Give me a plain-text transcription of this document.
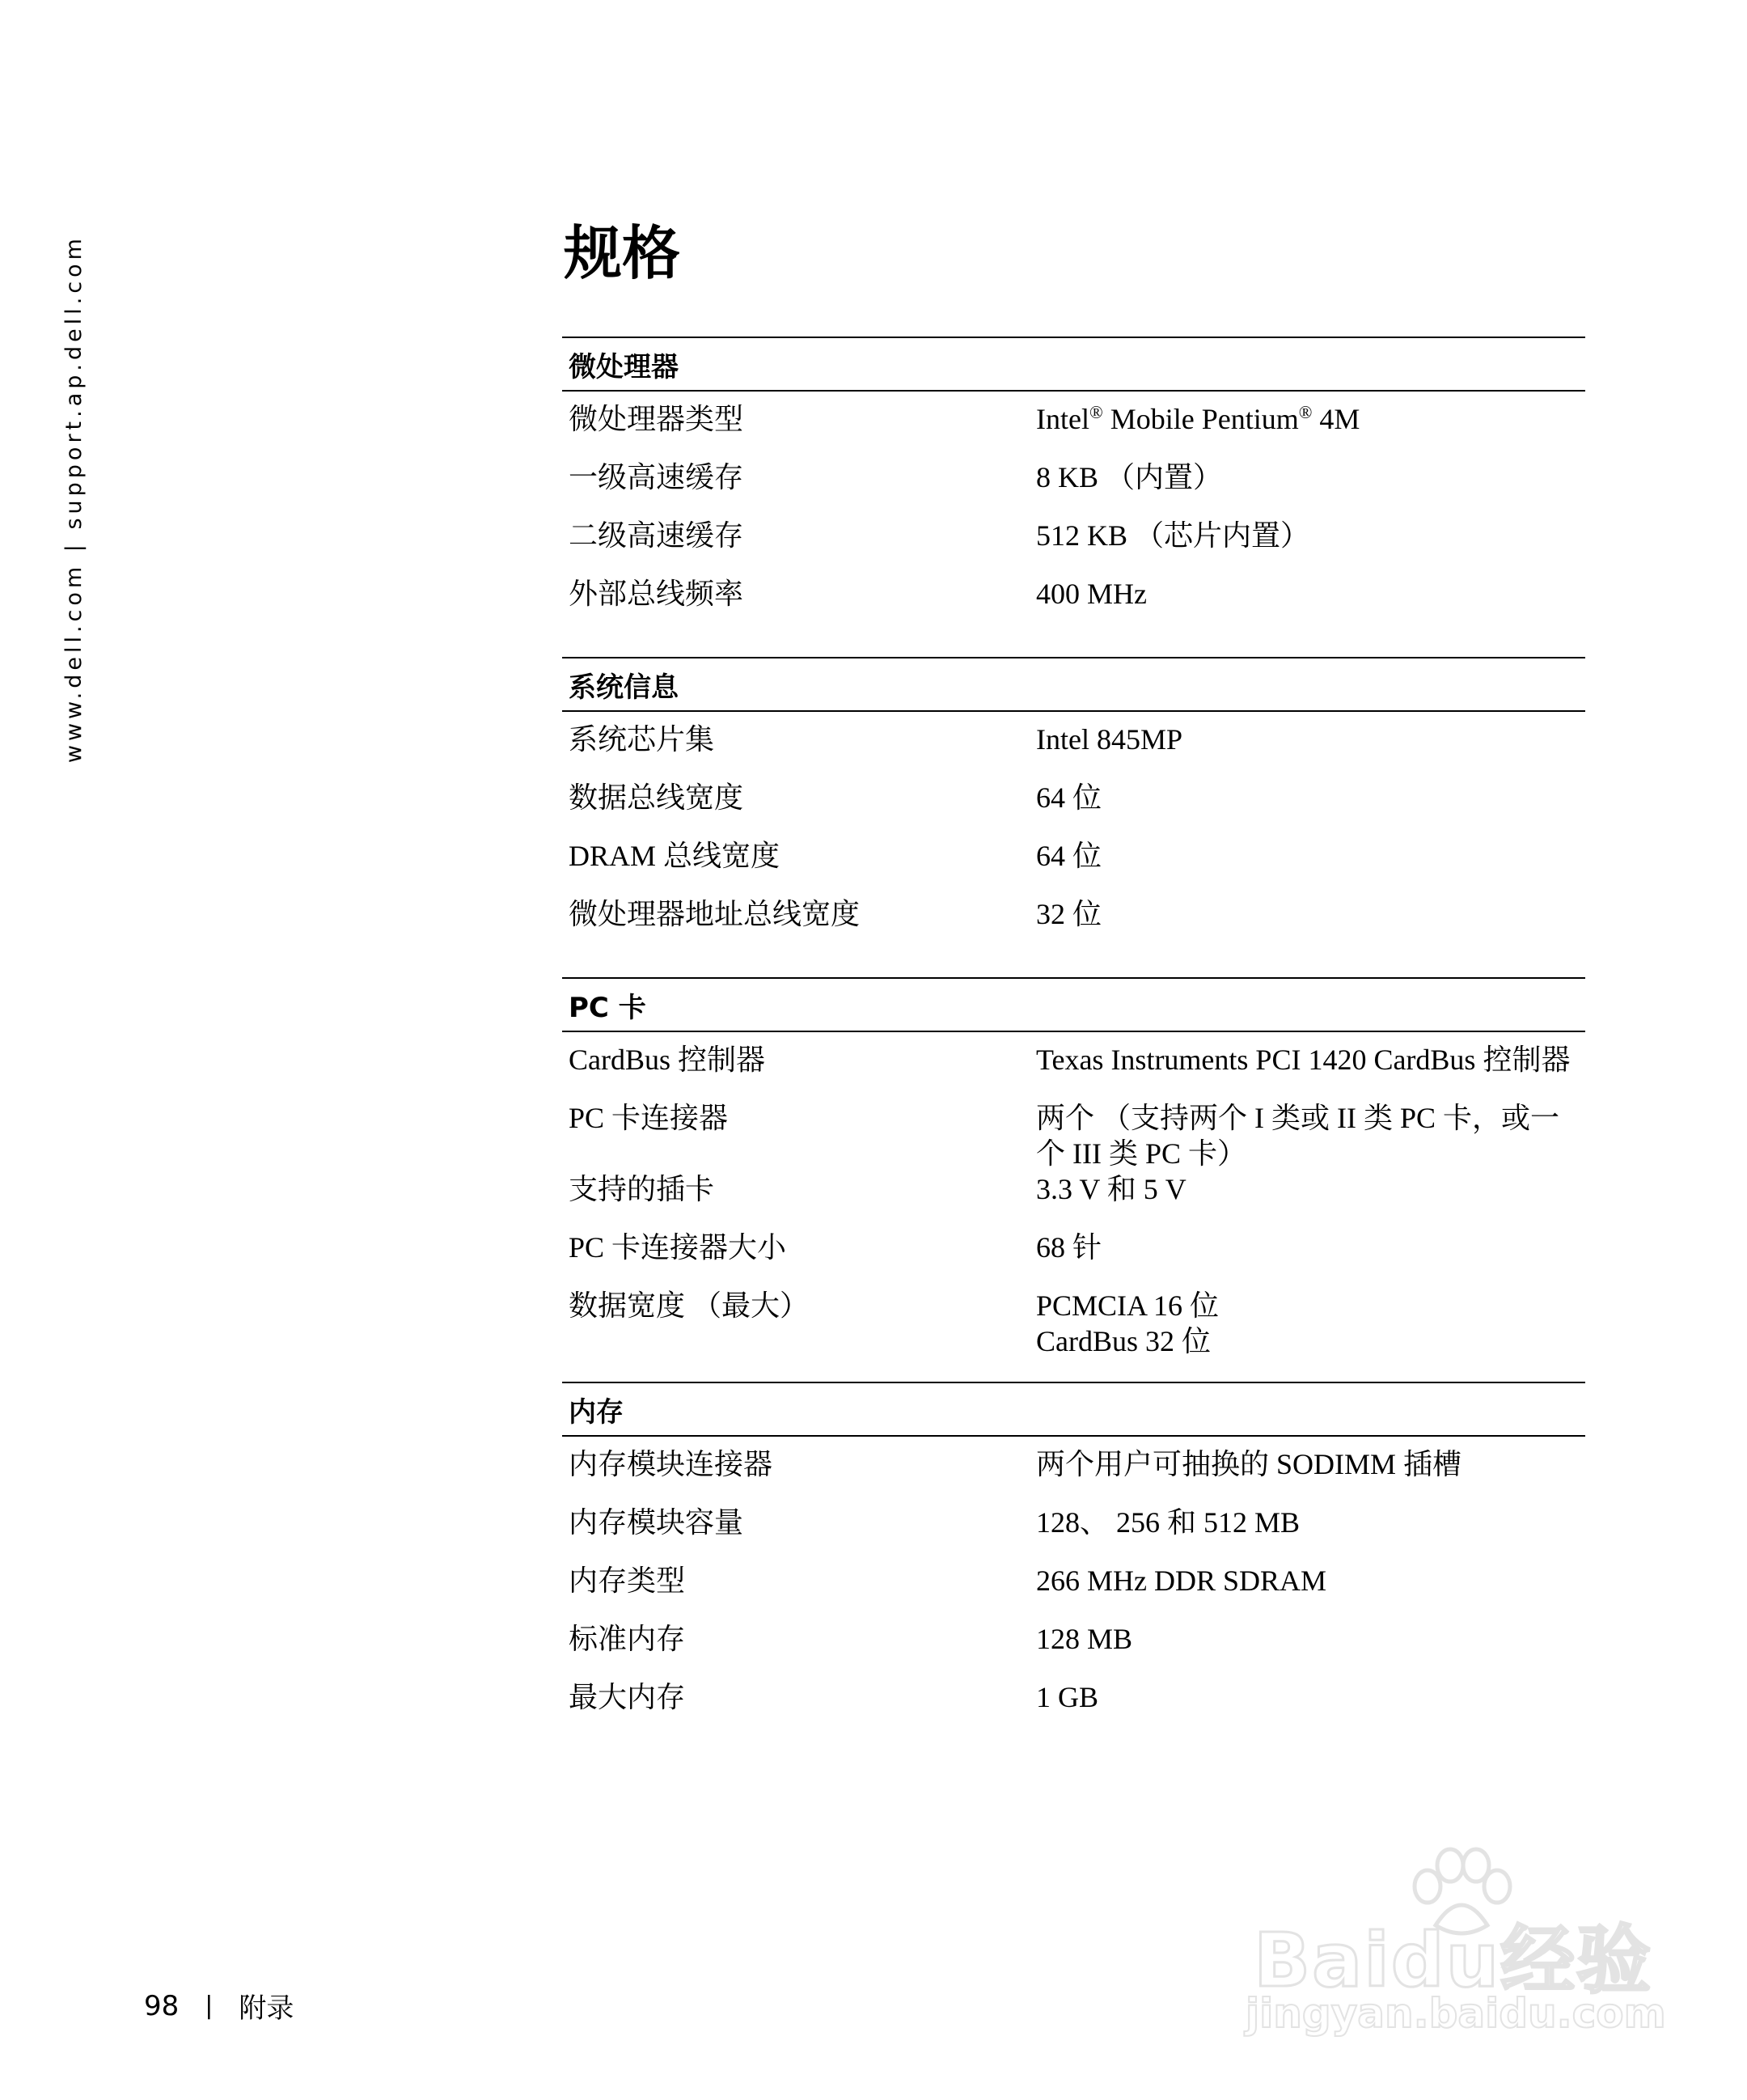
www.dell.com | support.ap.dell.com	规格
微处理器
微处理器类型	Intel® Mobile Pentium® 4M
一级高速缓存	8 KB （内置）
二级高速缓存	512 KB （芯片内置）
外部总线频率	400 MHz
系统信息
系统芯片集	Intel 845MP
数据总线宽度	64 位
DRAM 总线宽度	64 位
微处理器地址总线宽度	32 位
PC 卡
CardBus 控制器	Texas Instruments PCI 1420 CardBus 控制器
PC 卡连接器	两个 （支持两个 I 类或 II 类 PC 卡，或一个 III 类 PC 卡）
支持的插卡	3.3 V 和 5 V
PC 卡连接器大小	68 针
数据宽度 （最大）	PCMCIA 16 位
CardBus 32 位
内存
内存模块连接器	两个用户可抽换的 SODIMM 插槽
内存模块容量	128、 256 和 512 MB
内存类型	266 MHz DDR SDRAM
标准内存	128 MB
最大内存	1 GB
98 | 附录
Baidu经验
jingyan.baidu.com
